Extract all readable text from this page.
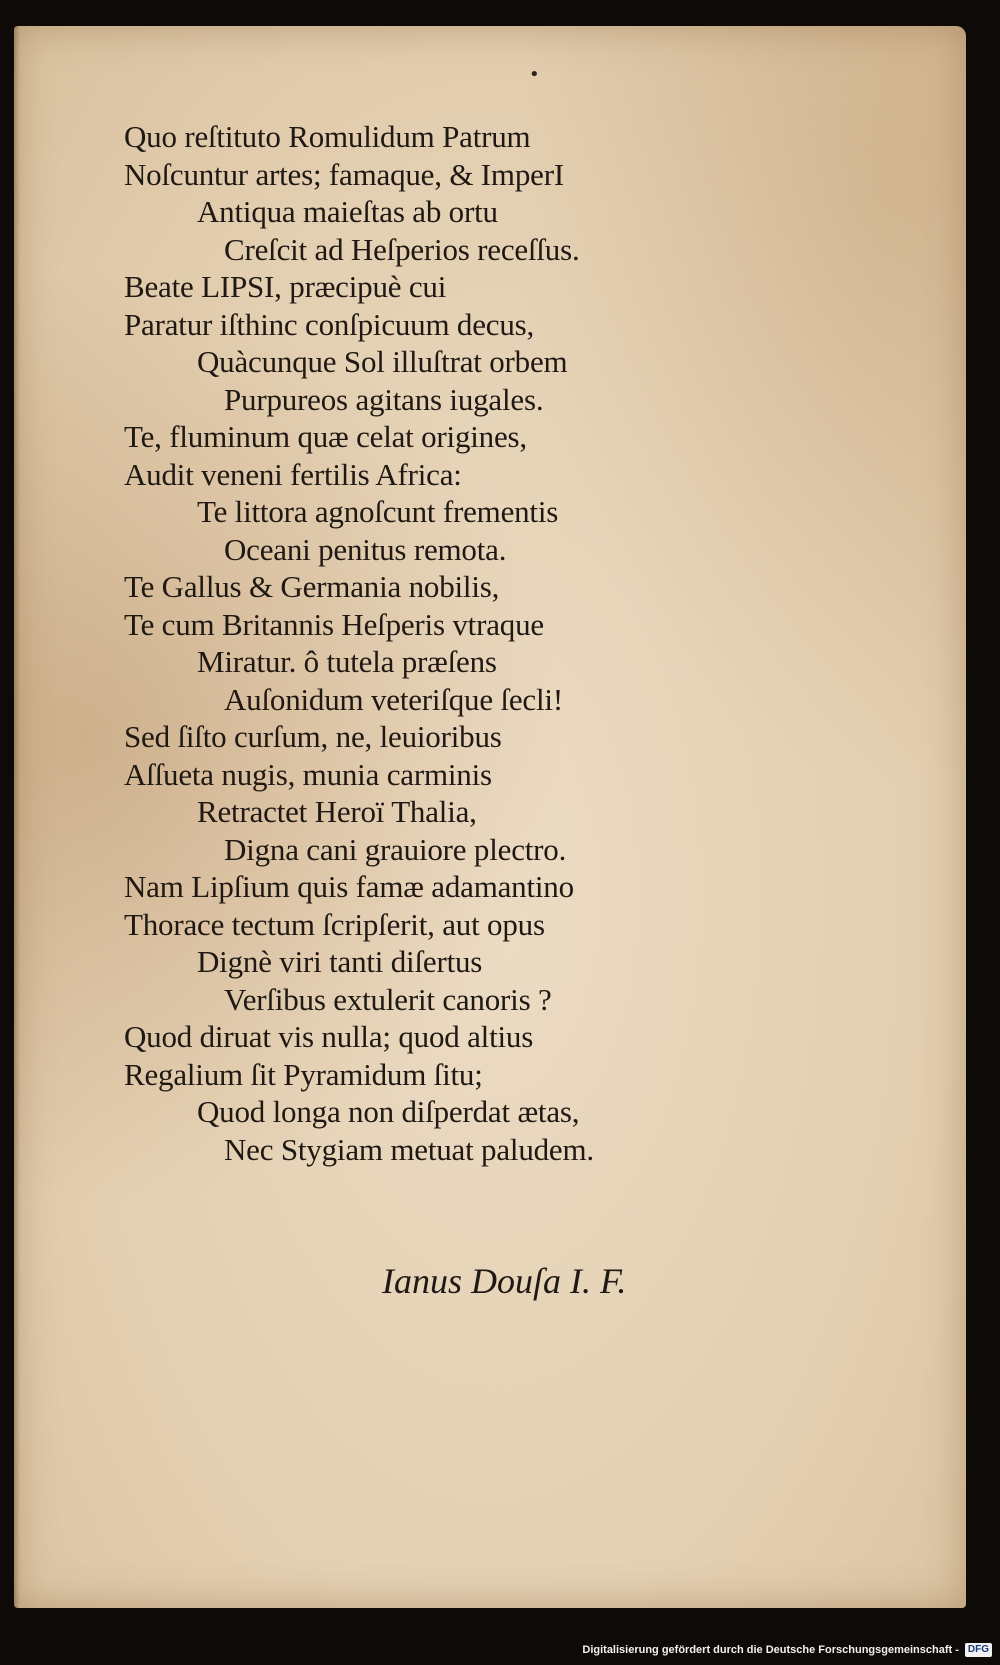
•
Quo reſtituto Romulidum Patrum
Noſcuntur artes; famaque, & ImperI
Antiqua maieſtas ab ortu
Creſcit ad Heſperios receſſus.
Beate LIPSI, præcipuè cui
Paratur iſthinc conſpicuum decus,
Quàcunque Sol illuſtrat orbem
Purpureos agitans iugales.
Te, fluminum quæ celat origines,
Audit veneni fertilis Africa:
Te littora agnoſcunt frementis
Oceani penitus remota.
Te Gallus & Germania nobilis,
Te cum Britannis Heſperis vtraque
Miratur. ô tutela præſens
Auſonidum veteriſque ſecli!
Sed ſiſto curſum, ne, leuioribus
Aſſueta nugis, munia carminis
Retractet Heroï Thalia,
Digna cani grauiore plectro.
Nam Lipſium quis famæ adamantino
Thorace tectum ſcripſerit, aut opus
Dignè viri tanti diſertus
Verſibus extulerit canoris ?
Quod diruat vis nulla; quod altius
Regalium ſit Pyramidum ſitu;
Quod longa non diſperdat ætas,
Nec Stygiam metuat paludem.
Ianus Douſa I. F.
Digitalisierung gefördert durch die Deutsche Forschungsgemeinschaft - DFG
